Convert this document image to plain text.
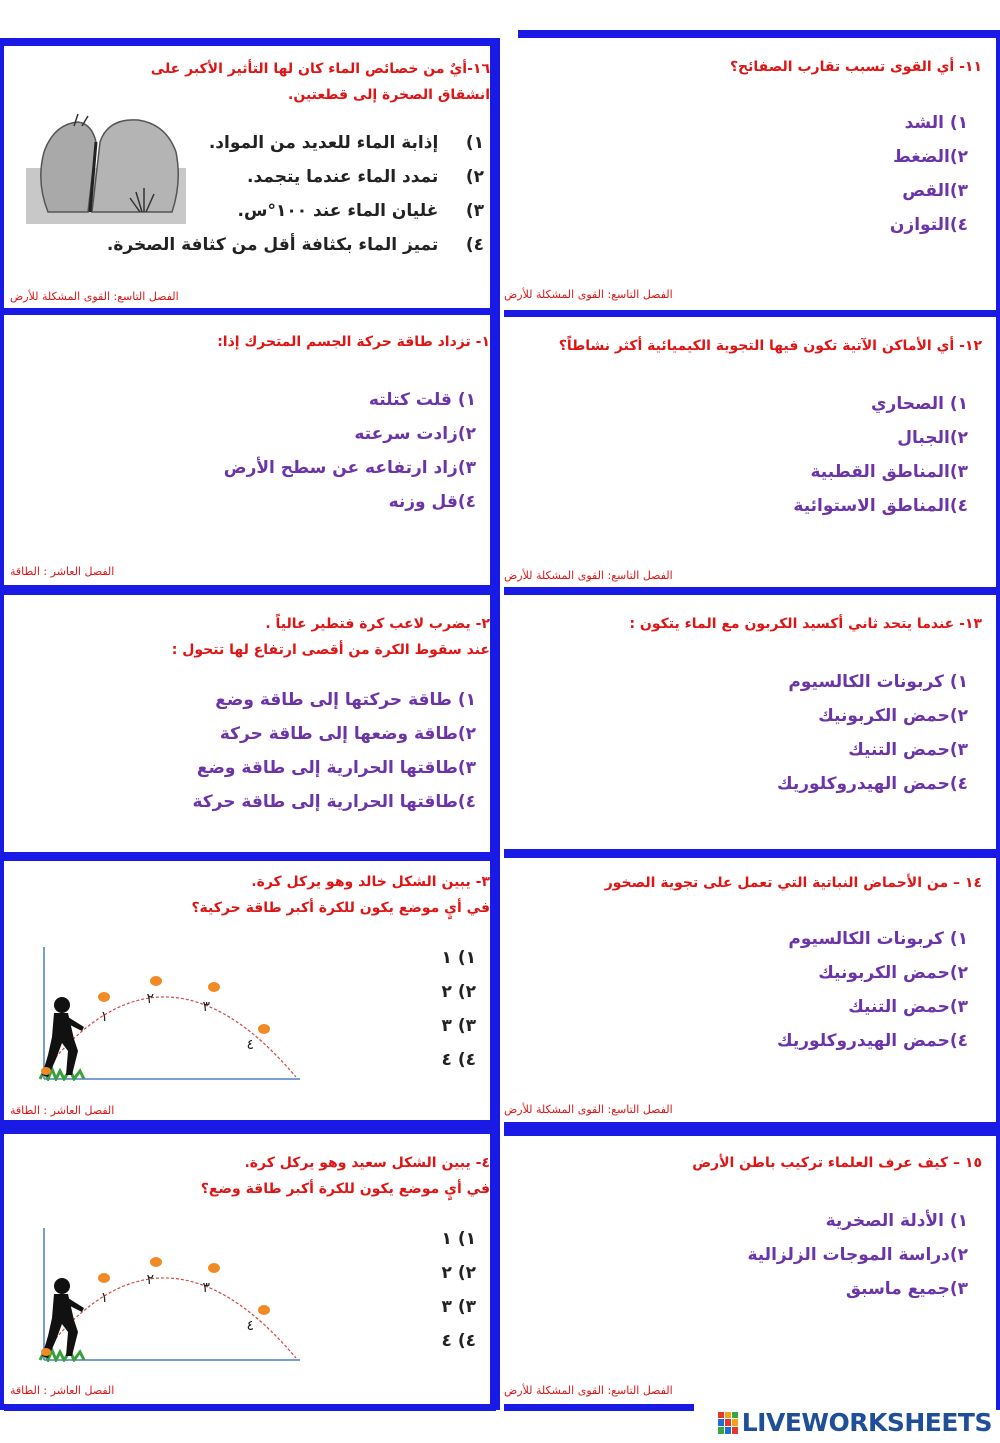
١١- أي القوى تسبب تقارب الصفائح؟
١) الشد
٢)الضغط
٣)القص
٤)التوازن
الفصل التاسع: القوى المشكلة للأرض
١٦-أيٌ من خصائص الماء كان لها التأثير الأكبر على
انشقاق الصخرة إلى قطعتين.
١)    إذابة الماء للعديد من المواد.
٢)    تمدد الماء عندما يتجمد.
٣)    غليان الماء عند ١٠٠°س.
٤)    تميز الماء بكثافة أقل من كثافة الصخرة.
الفصل التاسع: القوى المشكلة للأرض
١٢- أي الأماكن الآتية تكون فيها التجوية الكيميائية أكثر نشاطاً؟
١) الصحاري
٢)الجبال
٣)المناطق القطبية
٤)المناطق الاستوائية
الفصل التاسع: القوى المشكلة للأرض
١- تزداد طاقة حركة الجسم المتحرك إذا:
١) قلت كتلته
٢)زادت سرعته
٣)زاد ارتفاعه عن سطح الأرض
٤)قل وزنه
الفصل العاشر : الطاقة
١٣- عندما يتحد ثاني أكسيد الكربون مع الماء يتكون :
١) كربونات الكالسيوم
٢)حمض الكربونيك
٣)حمض التنيك
٤)حمض الهيدروكلوريك
٢- يضرب لاعب كرة فتطير عالياً .
عند سقوط الكرة من أقصى ارتفاع لها تتحول :
١) طاقة حركتها إلى طاقة وضع
٢)طاقة وضعها إلى طاقة حركة
٣)طاقتها الحرارية إلى طاقة وضع
٤)طاقتها الحرارية إلى طاقة حركة
١٤ – من الأحماض النباتية التي تعمل على تجوية الصخور
١) كربونات الكالسيوم
٢)حمض الكربونيك
٣)حمض التنيك
٤)حمض الهيدروكلوريك
الفصل التاسع: القوى المشكلة للأرض
٣- يبين الشكل خالد وهو يركل كرة.
في أيٍ موضع يكون للكرة أكبر طاقة حركية؟
١) ١
٢) ٢
٣) ٣
٤) ٤
١
٢	٣
٤
الفصل العاشر : الطاقة
١٥ – كيف عرف العلماء تركيب باطن الأرض
١) الأدلة الصخرية
٢)دراسة الموجات الزلزالية
٣)جميع ماسبق
الفصل التاسع: القوى المشكلة للأرض
٤- يبين الشكل سعيد وهو يركل كرة.
في أيٍ موضع يكون للكرة أكبر طاقة وضع؟
١) ١
٢) ٢
٣) ٣
٤) ٤
١
٢	٣
٤
الفصل العاشر : الطاقة
LIVEWORKSHEETS
